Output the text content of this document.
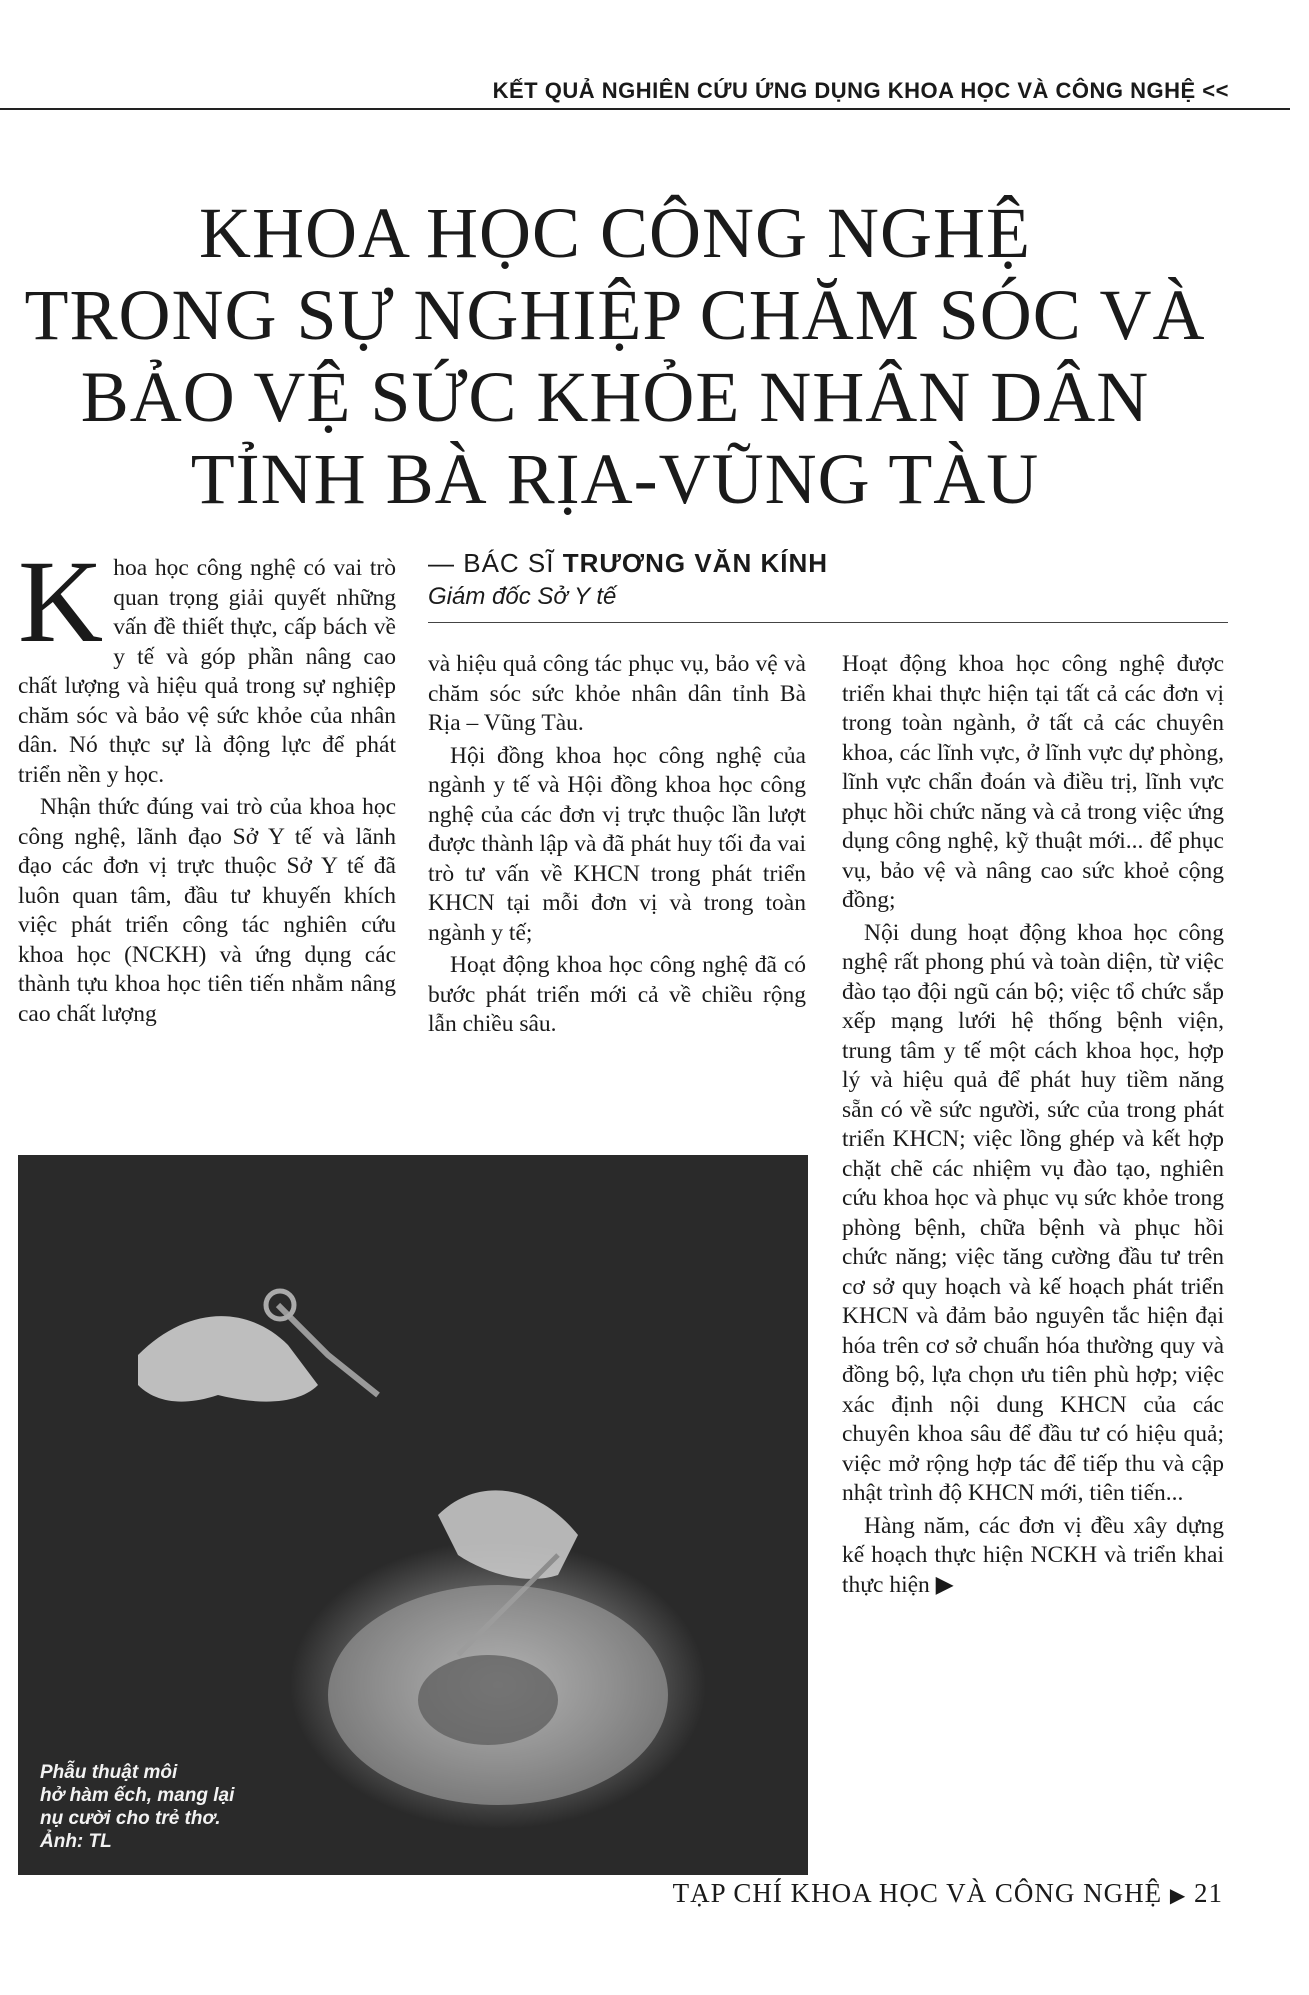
KẾT QUẢ NGHIÊN CỨU ỨNG DỤNG KHOA HỌC VÀ CÔNG NGHỆ <<
KHOA HỌC CÔNG NGHỆ
TRONG SỰ NGHIỆP CHĂM SÓC VÀ
BẢO VỆ SỨC KHỎE NHÂN DÂN
TỈNH BÀ RỊA-VŨNG TÀU
— BÁC SĨ TRƯƠNG VĂN KÍNH
Giám đốc Sở Y tế

Khoa học công nghệ có vai trò quan trọng giải quyết những vấn đề thiết thực, cấp bách về y tế và góp phần nâng cao chất lượng và hiệu quả trong sự nghiệp chăm sóc và bảo vệ sức khỏe của nhân dân. Nó thực sự là động lực để phát triển nền y học.

Nhận thức đúng vai trò của khoa học công nghệ, lãnh đạo Sở Y tế và lãnh đạo các đơn vị trực thuộc Sở Y tế đã luôn quan tâm, đầu tư khuyến khích việc phát triển công tác nghiên cứu khoa học (NCKH) và ứng dụng các thành tựu khoa học tiên tiến nhằm nâng cao chất lượng

và hiệu quả công tác phục vụ, bảo vệ và chăm sóc sức khỏe nhân dân tỉnh Bà Rịa – Vũng Tàu.

Hội đồng khoa học công nghệ của ngành y tế và Hội đồng khoa học công nghệ của các đơn vị trực thuộc lần lượt được thành lập và đã phát huy tối đa vai trò tư vấn về KHCN trong phát triển KHCN tại mỗi đơn vị và trong toàn ngành y tế;

Hoạt động khoa học công nghệ đã có bước phát triển mới cả về chiều rộng lẫn chiều sâu.

Hoạt động khoa học công nghệ được triển khai thực hiện tại tất cả các đơn vị trong toàn ngành, ở tất cả các chuyên khoa, các lĩnh vực, ở lĩnh vực dự phòng, lĩnh vực chẩn đoán và điều trị, lĩnh vực phục hồi chức năng và cả trong việc ứng dụng công nghệ, kỹ thuật mới... để phục vụ, bảo vệ và nâng cao sức khoẻ cộng đồng;

Nội dung hoạt động khoa học công nghệ rất phong phú và toàn diện, từ việc đào tạo đội ngũ cán bộ; việc tổ chức sắp xếp mạng lưới hệ thống bệnh viện, trung tâm y tế một cách khoa học, hợp lý và hiệu quả để phát huy tiềm năng sẵn có về sức người, sức của trong phát triển KHCN; việc lồng ghép và kết hợp chặt chẽ các nhiệm vụ đào tạo, nghiên cứu khoa học và phục vụ sức khỏe trong phòng bệnh, chữa bệnh và phục hồi chức năng; việc tăng cường đầu tư trên cơ sở quy hoạch và kế hoạch phát triển KHCN và đảm bảo nguyên tắc hiện đại hóa trên cơ sở chuẩn hóa thường quy và đồng bộ, lựa chọn ưu tiên phù hợp; việc xác định nội dung KHCN của các chuyên khoa sâu để đầu tư có hiệu quả; việc mở rộng hợp tác để tiếp thu và cập nhật trình độ KHCN mới, tiên tiến...

Hàng năm, các đơn vị đều xây dựng kế hoạch thực hiện NCKH và triển khai thực hiện ▶

Phẫu thuật môi
hở hàm ếch, mang lại
nụ cười cho trẻ thơ.
Ảnh: TL
TẠP CHÍ KHOA HỌC VÀ CÔNG NGHỆ ▶ 21
